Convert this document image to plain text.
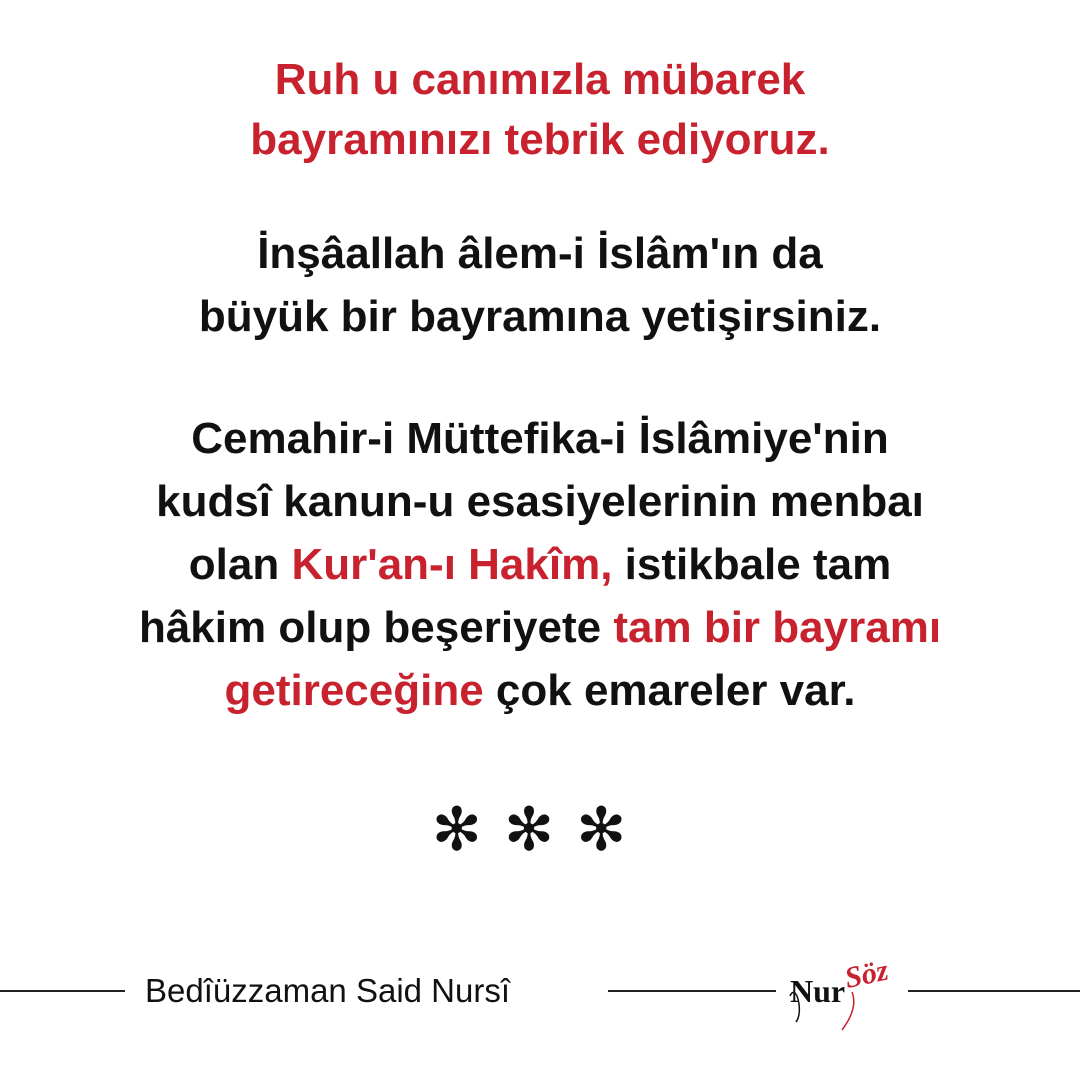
Ruh u canımızla mübarek
bayramınızı tebrik ediyoruz.
İnşâallah âlem-i İslâm'ın da
büyük bir bayramına yetişirsiniz.
Cemahir-i Müttefika-i İslâmiye'nin
kudsî kanun-u esasiyelerinin menbaı
olan Kur'an-ı Hakîm, istikbale tam
hâkim olup beşeriyete tam bir bayramı
getireceğine çok emareler var.
✻✻✻
Bedîüzzaman Said Nursî	Nur
Söz
